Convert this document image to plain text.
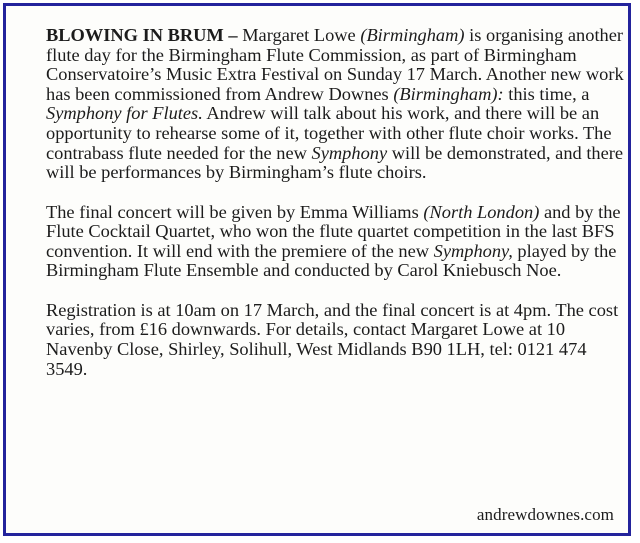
BLOWING IN BRUM – Margaret Lowe (Birmingham) is organising another flute day for the Birmingham Flute Commission, as part of Birmingham Conservatoire’s Music Extra Festival on Sunday 17 March. Another new work has been commissioned from Andrew Downes (Birmingham): this time, a Symphony for Flutes. Andrew will talk about his work, and there will be an opportunity to rehearse some of it, together with other flute choir works. The contrabass flute needed for the new Symphony will be demonstrated, and there will be performances by Birmingham’s flute choirs.

The final concert will be given by Emma Williams (North London) and by the Flute Cocktail Quartet, who won the flute quartet competition in the last BFS convention. It will end with the premiere of the new Symphony, played by the Birmingham Flute Ensemble and conducted by Carol Kniebusch Noe.

Registration is at 10am on 17 March, and the final concert is at 4pm. The cost varies, from £16 downwards. For details, contact Margaret Lowe at 10 Navenby Close, Shirley, Solihull, West Midlands B90 1LH, tel: 0121 474 3549.

andrewdownes.com
